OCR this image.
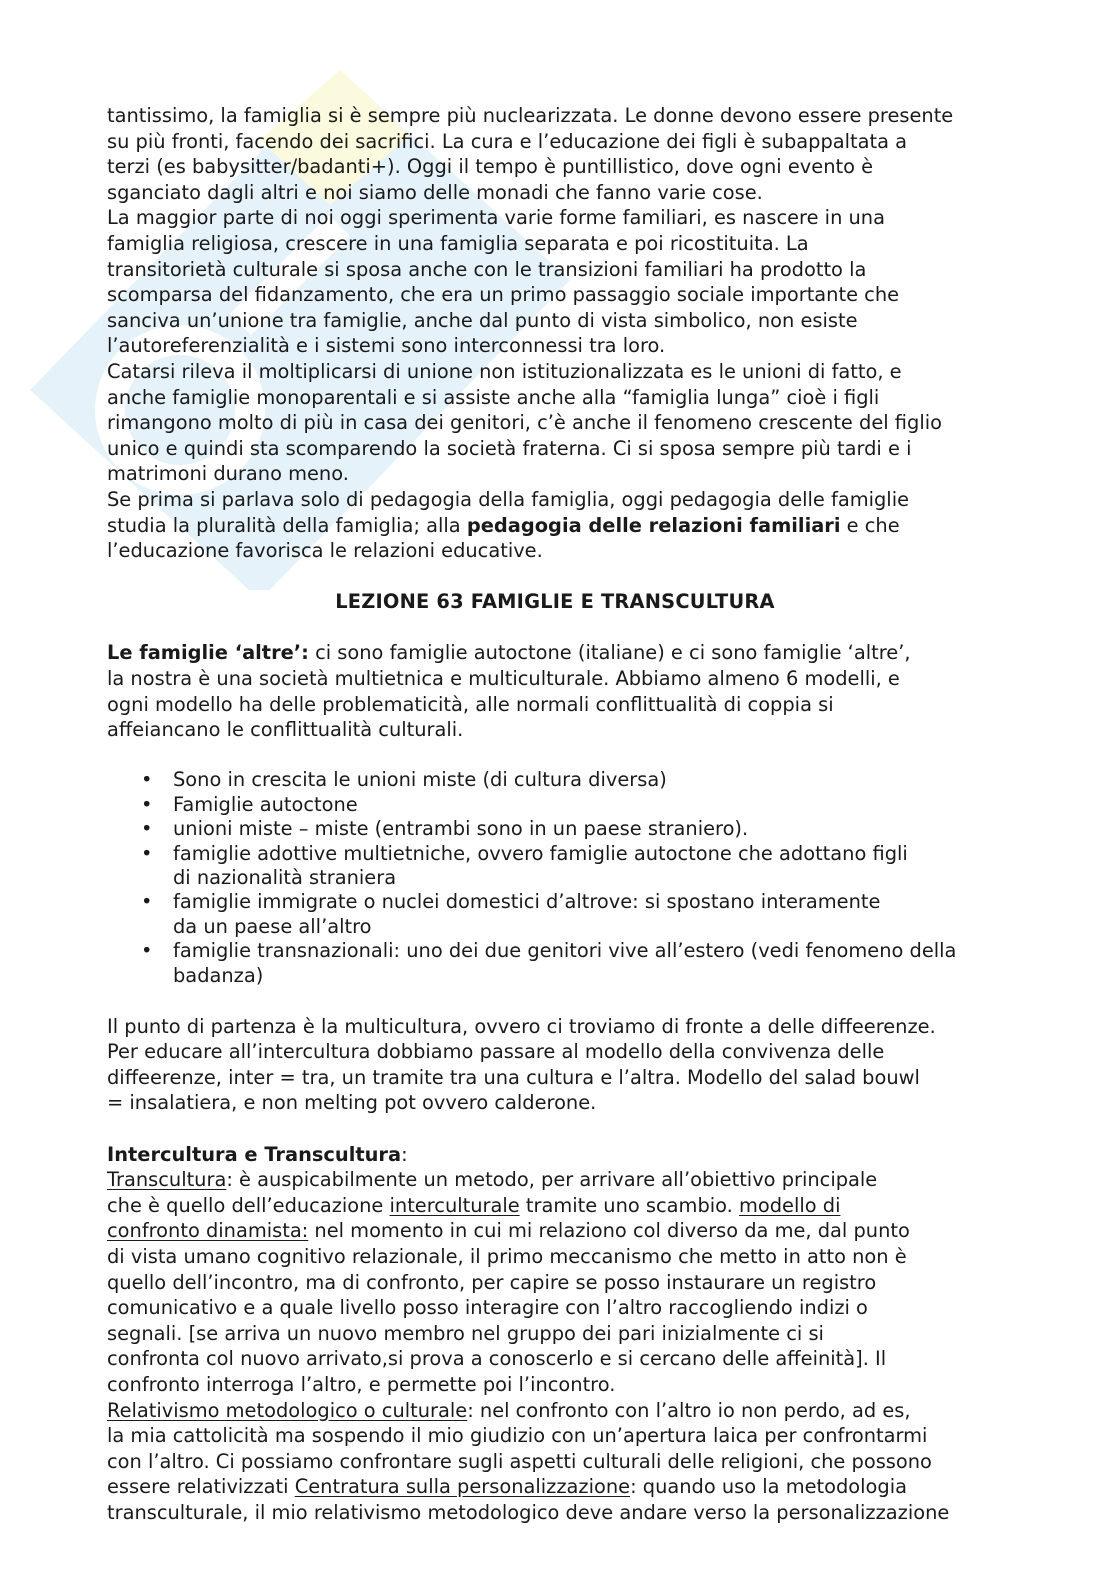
tantissimo, la famiglia si è sempre più nuclearizzata. Le donne devono essere presente
su più fronti, facendo dei sacrifici. La cura e l’educazione dei figli è subappaltata a
terzi (es babysitter/badanti+). Oggi il tempo è puntillistico, dove ogni evento è
sganciato dagli altri e noi siamo delle monadi che fanno varie cose.
La maggior parte di noi oggi sperimenta varie forme familiari, es nascere in una
famiglia religiosa, crescere in una famiglia separata e poi ricostituita. La
transitorietà culturale si sposa anche con le transizioni familiari ha prodotto la
scomparsa del fidanzamento, che era un primo passaggio sociale importante che
sanciva un’unione tra famiglie, anche dal punto di vista simbolico, non esiste
l’autoreferenzialità e i sistemi sono interconnessi tra loro.
Catarsi rileva il moltiplicarsi di unione non istituzionalizzata es le unioni di fatto, e
anche famiglie monoparentali e si assiste anche alla “famiglia lunga” cioè i figli
rimangono molto di più in casa dei genitori, c’è anche il fenomeno crescente del figlio
unico e quindi sta scomparendo la società fraterna. Ci si sposa sempre più tardi e i
matrimoni durano meno.
Se prima si parlava solo di pedagogia della famiglia, oggi pedagogia delle famiglie
studia la pluralità della famiglia; alla pedagogia delle relazioni familiari e che
l’educazione favorisca le relazioni educative.
LEZIONE 63 FAMIGLIE E TRANSCULTURA
Le famiglie ‘altre’: ci sono famiglie autoctone (italiane) e ci sono famiglie ‘altre’,
la nostra è una società multietnica e multiculturale. Abbiamo almeno 6 modelli, e
ogni modello ha delle problematicità, alle normali conflittualità di coppia si
affeiancano le conflittualità culturali.
• Sono in crescita le unioni miste (di cultura diversa)
• Famiglie autoctone
• unioni miste – miste (entrambi sono in un paese straniero).
• famiglie adottive multietniche, ovvero famiglie autoctone che adottano figli
di nazionalità straniera
• famiglie immigrate o nuclei domestici d’altrove: si spostano interamente
da un paese all’altro
• famiglie transnazionali: uno dei due genitori vive all’estero (vedi fenomeno della
badanza)
Il punto di partenza è la multicultura, ovvero ci troviamo di fronte a delle diffeerenze.
Per educare all’intercultura dobbiamo passare al modello della convivenza delle
diffeerenze, inter = tra, un tramite tra una cultura e l’altra. Modello del salad bouwl
= insalatiera, e non melting pot ovvero calderone.
Intercultura e Transcultura:
Transcultura: è auspicabilmente un metodo, per arrivare all’obiettivo principale
che è quello dell’educazione interculturale tramite uno scambio. modello di
confronto dinamista: nel momento in cui mi relaziono col diverso da me, dal punto
di vista umano cognitivo relazionale, il primo meccanismo che metto in atto non è
quello dell’incontro, ma di confronto, per capire se posso instaurare un registro
comunicativo e a quale livello posso interagire con l’altro raccogliendo indizi o
segnali. [se arriva un nuovo membro nel gruppo dei pari inizialmente ci si
confronta col nuovo arrivato,si prova a conoscerlo e si cercano delle affeinità]. Il
confronto interroga l’altro, e permette poi l’incontro.
Relativismo metodologico o culturale: nel confronto con l’altro io non perdo, ad es,
la mia cattolicità ma sospendo il mio giudizio con un’apertura laica per confrontarmi
con l’altro. Ci possiamo confrontare sugli aspetti culturali delle religioni, che possono
essere relativizzati Centratura sulla personalizzazione: quando uso la metodologia
transculturale, il mio relativismo metodologico deve andare verso la personalizzazione
